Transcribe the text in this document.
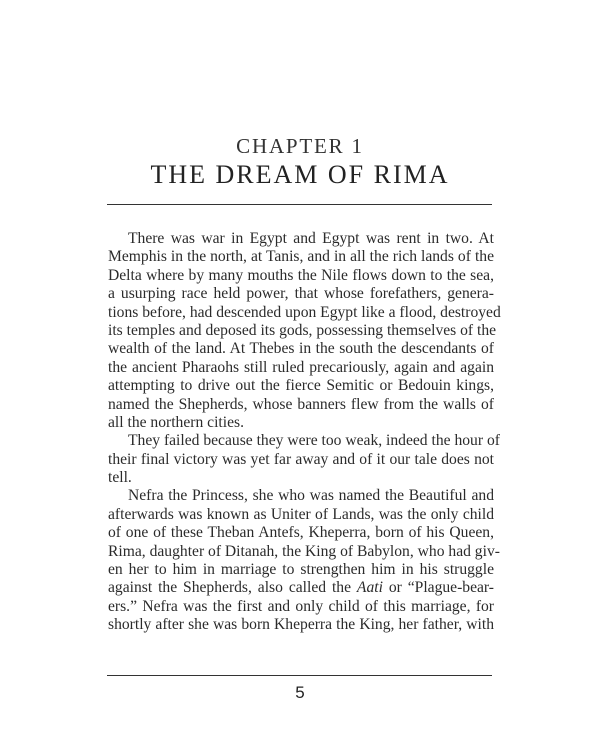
CHAPTER 1
THE DREAM OF RIMA
There was war in Egypt and Egypt was rent in two. At
Memphis in the north, at Tanis, and in all the rich lands of the
Delta where by many mouths the Nile flows down to the sea,
a usurping race held power, that whose forefathers, genera-
tions before, had descended upon Egypt like a flood, destroyed
its temples and deposed its gods, possessing themselves of the
wealth of the land. At Thebes in the south the descendants of
the ancient Pharaohs still ruled precariously, again and again
attempting to drive out the fierce Semitic or Bedouin kings,
named the Shepherds, whose banners flew from the walls of
all the northern cities.
They failed because they were too weak, indeed the hour of
their final victory was yet far away and of it our tale does not
tell.
Nefra the Princess, she who was named the Beautiful and
afterwards was known as Uniter of Lands, was the only child
of one of these Theban Antefs, Kheperra, born of his Queen,
Rima, daughter of Ditanah, the King of Babylon, who had giv-
en her to him in marriage to strengthen him in his struggle
against the Shepherds, also called the Aati or “Plague-bear-
ers.” Nefra was the first and only child of this marriage, for
shortly after she was born Kheperra the King, her father, with
5
